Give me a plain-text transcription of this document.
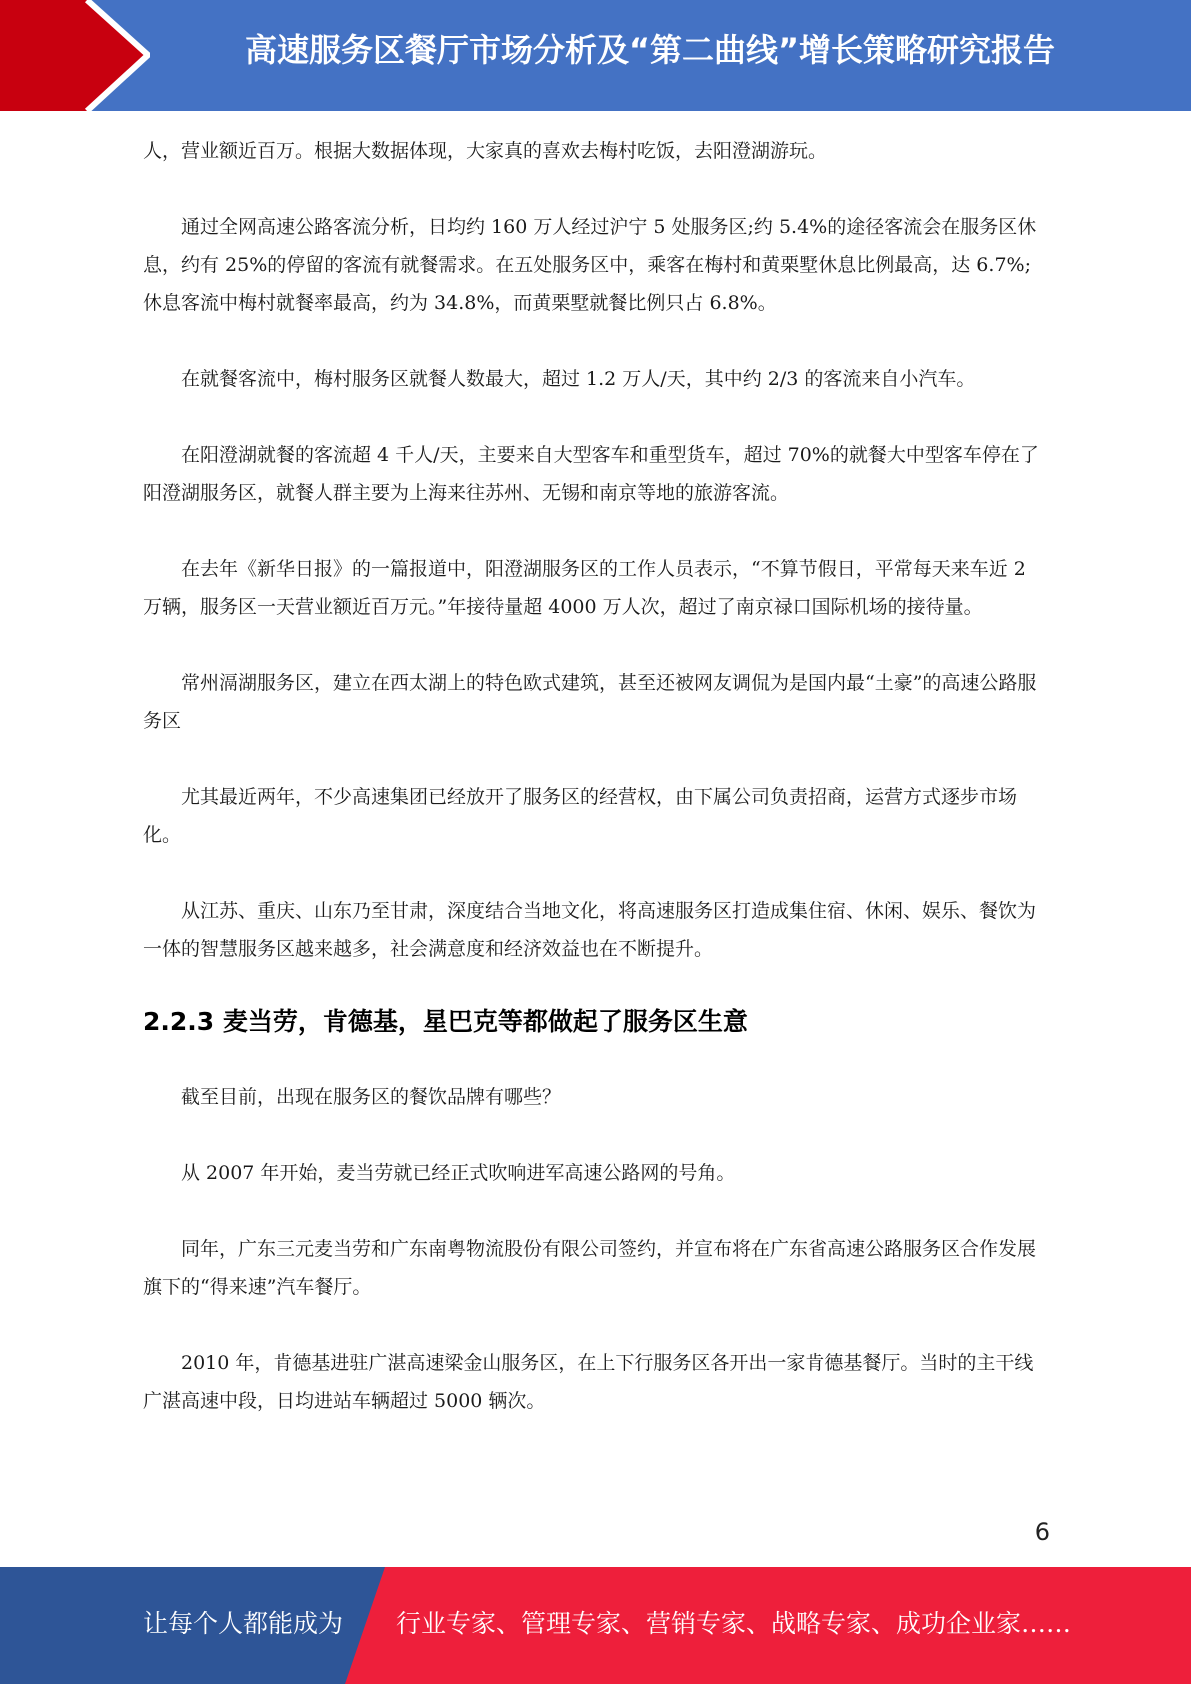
高速服务区餐厅市场分析及“第二曲线”增长策略研究报告

人，营业额近百万。根据大数据体现，大家真的喜欢去梅村吃饭，去阳澄湖游玩。

通过全网高速公路客流分析，日均约 160 万人经过沪宁 5 处服务区;约 5.4%的途径客流会在服务区休息，约有 25%的停留的客流有就餐需求。在五处服务区中，乘客在梅村和黄栗墅休息比例最高，达 6.7%;休息客流中梅村就餐率最高，约为 34.8%，而黄栗墅就餐比例只占 6.8%。

在就餐客流中，梅村服务区就餐人数最大，超过 1.2 万人/天，其中约 2/3 的客流来自小汽车。

在阳澄湖就餐的客流超 4 千人/天，主要来自大型客车和重型货车，超过 70%的就餐大中型客车停在了阳澄湖服务区，就餐人群主要为上海来往苏州、无锡和南京等地的旅游客流。

在去年《新华日报》的一篇报道中，阳澄湖服务区的工作人员表示，“不算节假日，平常每天来车近 2 万辆，服务区一天营业额近百万元。”年接待量超 4000 万人次，超过了南京禄口国际机场的接待量。

常州滆湖服务区，建立在西太湖上的特色欧式建筑，甚至还被网友调侃为是国内最“土豪”的高速公路服务区

尤其最近两年，不少高速集团已经放开了服务区的经营权，由下属公司负责招商，运营方式逐步市场化。

从江苏、重庆、山东乃至甘肃，深度结合当地文化，将高速服务区打造成集住宿、休闲、娱乐、餐饮为一体的智慧服务区越来越多，社会满意度和经济效益也在不断提升。

2.2.3 麦当劳，肯德基，星巴克等都做起了服务区生意

截至目前，出现在服务区的餐饮品牌有哪些？

从 2007 年开始，麦当劳就已经正式吹响进军高速公路网的号角。

同年，广东三元麦当劳和广东南粤物流股份有限公司签约，并宣布将在广东省高速公路服务区合作发展旗下的“得来速”汽车餐厅。

2010 年，肯德基进驻广湛高速梁金山服务区，在上下行服务区各开出一家肯德基餐厅。当时的主干线广湛高速中段，日均进站车辆超过 5000 辆次。

6
让每个人都能成为 行业专家、管理专家、营销专家、战略专家、成功企业家……
